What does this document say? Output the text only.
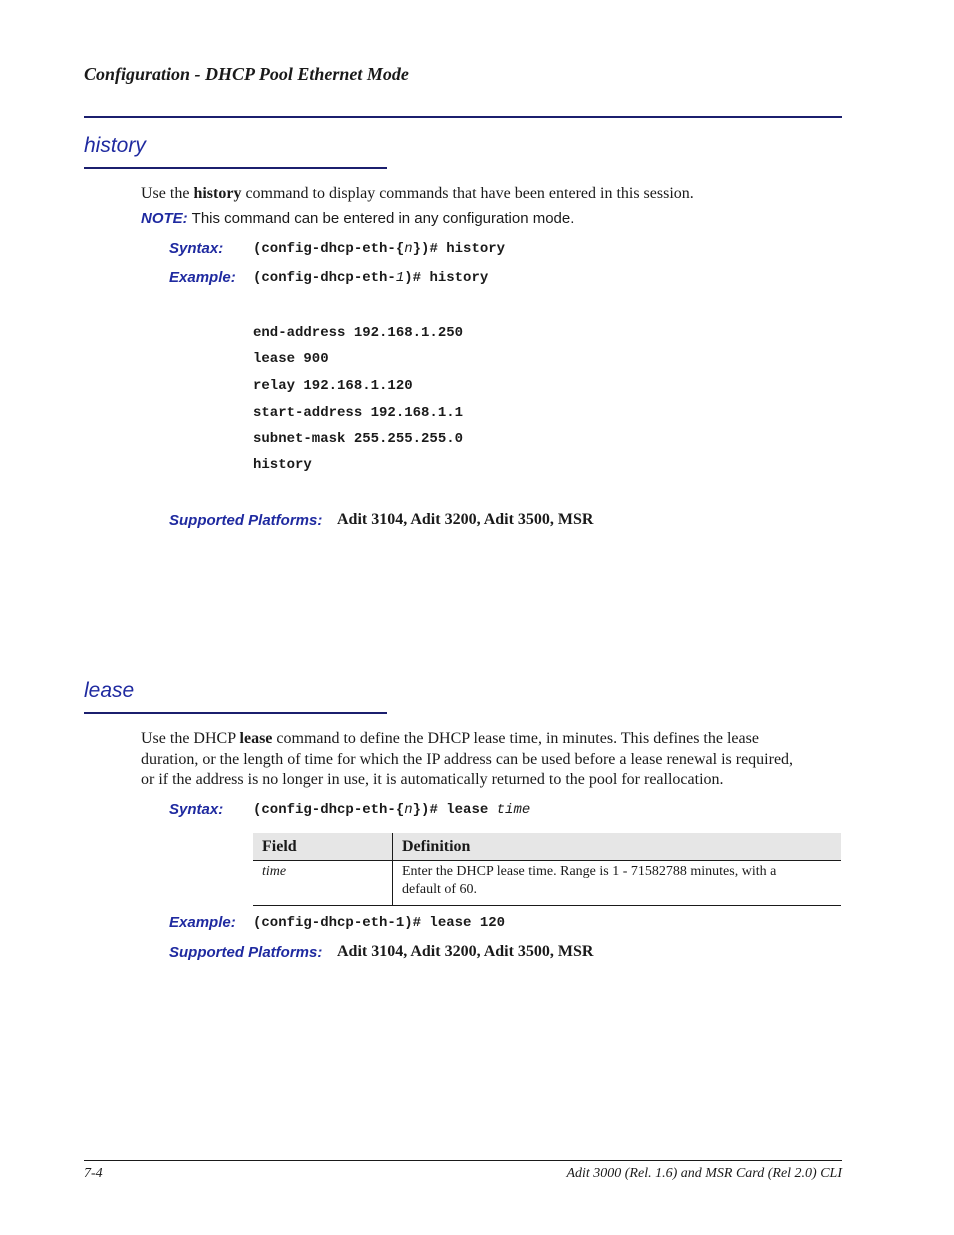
Configuration - DHCP Pool Ethernet Mode
history
Use the history command to display commands that have been entered in this session.
NOTE: This command can be entered in any configuration mode.
Syntax: (config-dhcp-eth-{n})# history
Example: (config-dhcp-eth-1)# history
end-address 192.168.1.250
lease 900
relay 192.168.1.120
start-address 192.168.1.1
subnet-mask 255.255.255.0
history
Supported Platforms: Adit 3104, Adit 3200, Adit 3500, MSR
lease
Use the DHCP lease command to define the DHCP lease time, in minutes. This defines the lease
duration, or the length of time for which the IP address can be used before a lease renewal is required,
or if the address is no longer in use, it is automatically returned to the pool for reallocation.
Syntax: (config-dhcp-eth-{n})# lease time
Field	Definition
time	Enter the DHCP lease time. Range is 1 - 71582788 minutes, with a
default of 60.
Example: (config-dhcp-eth-1)# lease 120
Supported Platforms: Adit 3104, Adit 3200, Adit 3500, MSR
7-4	Adit 3000 (Rel. 1.6) and MSR Card (Rel 2.0) CLI
